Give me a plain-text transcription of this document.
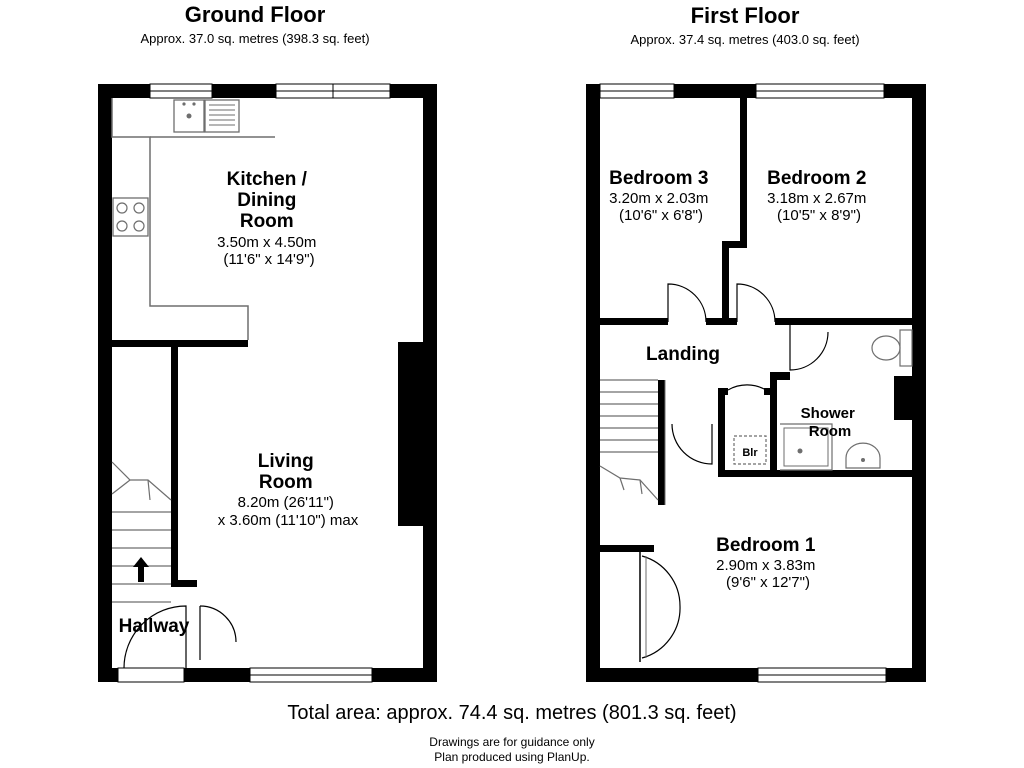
Ground Floor
Approx. 37.0 sq. metres (398.3 sq. feet)
First Floor
Approx. 37.4 sq. metres (403.0 sq. feet)
Kitchen / Dining Room 3.50m x 4.50m (11'6" x 14'9")
Living Room 8.20m (26'11") x 3.60m (11'10") max
Hallway
Bedroom 3 3.20m x 2.03m (10'6" x 6'8")
Bedroom 2 3.18m x 2.67m (10'5" x 8'9")
Landing
Shower Room
Blr
Bedroom 1 2.90m x 3.83m (9'6" x 12'7")
Total area: approx. 74.4 sq. metres (801.3 sq. feet)
Drawings are for guidance only
Plan produced using PlanUp.
